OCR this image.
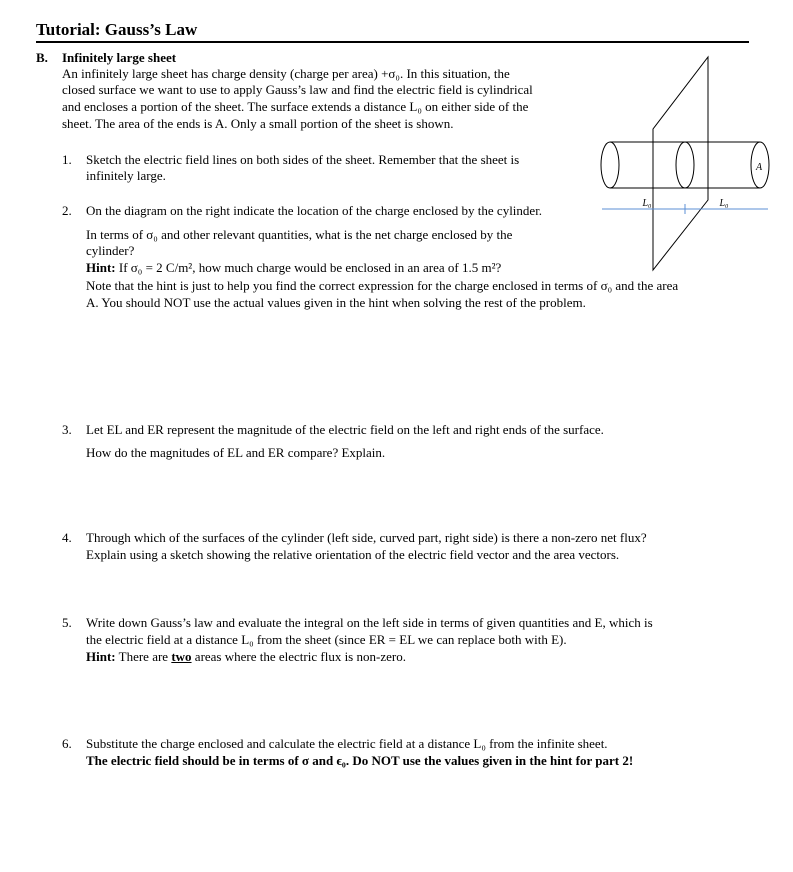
Tutorial: Gauss’s Law
B. Infinitely large sheet
An infinitely large sheet has charge density (charge per area) +σ₀. In this situation, the
closed surface we want to use to apply Gauss’s law and find the electric field is cylindrical
and encloses a portion of the sheet. The surface extends a distance L₀ on either side of the
sheet. The area of the ends is A. Only a small portion of the sheet is shown.
1. Sketch the electric field lines on both sides of the sheet. Remember that the sheet is
infinitely large.
2. On the diagram on the right indicate the location of the charge enclosed by the cylinder.
In terms of σ₀ and other relevant quantities, what is the net charge enclosed by the
cylinder?
Hint: If σ₀ = 2 C/m², how much charge would be enclosed in an area of 1.5 m²?
Note that the hint is just to help you find the correct expression for the charge enclosed in terms of σ₀ and the area
A. You should NOT use the actual values given in the hint when solving the rest of the problem.
3. Let EL and ER represent the magnitude of the electric field on the left and right ends of the surface.
How do the magnitudes of EL and ER compare? Explain.
4. Through which of the surfaces of the cylinder (left side, curved part, right side) is there a non-zero net flux?
Explain using a sketch showing the relative orientation of the electric field vector and the area vectors.
5. Write down Gauss’s law and evaluate the integral on the left side in terms of given quantities and E, which is
the electric field at a distance L₀ from the sheet (since ER = EL we can replace both with E).
Hint: There are two areas where the electric flux is non-zero.
6. Substitute the charge enclosed and calculate the electric field at a distance L₀ from the infinite sheet.
The electric field should be in terms of σ and ϵ₀. Do NOT use the values given in the hint for part 2!
A
L₀	L₀
